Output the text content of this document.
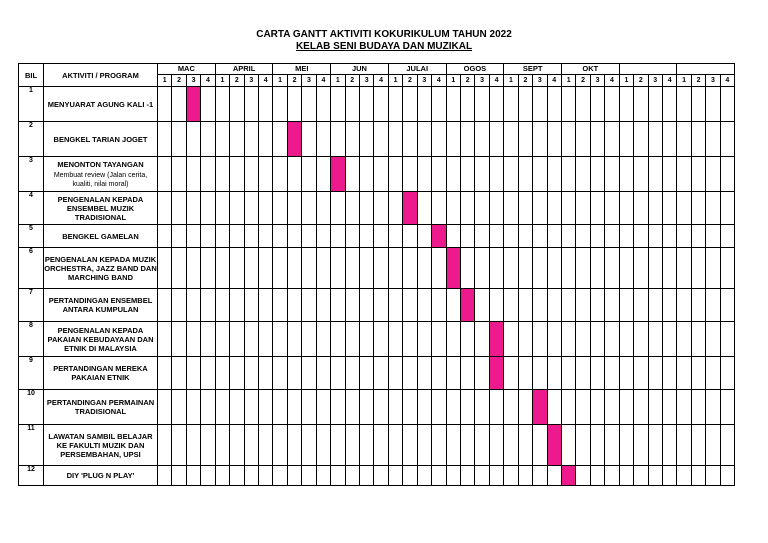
CARTA GANTT AKTIVITI KOKURIKULUM TAHUN 2022
KELAB SENI BUDAYA DAN MUZIKAL
BIL	AKTIVITI / PROGRAM	MAC				APRIL				MEI				JUN				JULAI				OGOS				SEPT				OKT											
		1	2	3	4	1	2	3	4	1	2	3	4	1	2	3	4	1	2	3	4	1	2	3	4	1	2	3	4	1	2	3	4	1	2	3	4	1	2	3	4
1	MENYUARAT AGUNG KALI -1																																								
2	BENGKEL TARIAN JOGET																																								
3	MENONTON TAYANGAN
Membuat review (Jalan cerita, kualiti, nilai moral)																																								

4	PENGENALAN KEPADA ENSEMBEL MUZIK TRADISIONAL																																								
5	BENGKEL GAMELAN																																								
6	PENGENALAN KEPADA MUZIK ORCHESTRA, JAZZ BAND DAN MARCHING BAND																																								
7	PERTANDINGAN ENSEMBEL ANTARA KUMPULAN																																								
8	PENGENALAN KEPADA PAKAIAN KEBUDAYAAN DAN ETNIK DI MALAYSIA																																								
9	PERTANDINGAN MEREKA PAKAIAN ETNIK																																								
10	PERTANDINGAN PERMAINAN TRADISIONAL																																								
11	LAWATAN SAMBIL BELAJAR KE FAKULTI MUZIK DAN PERSEMBAHAN, UPSI																																								
12	DIY 'PLUG N PLAY'																																								
